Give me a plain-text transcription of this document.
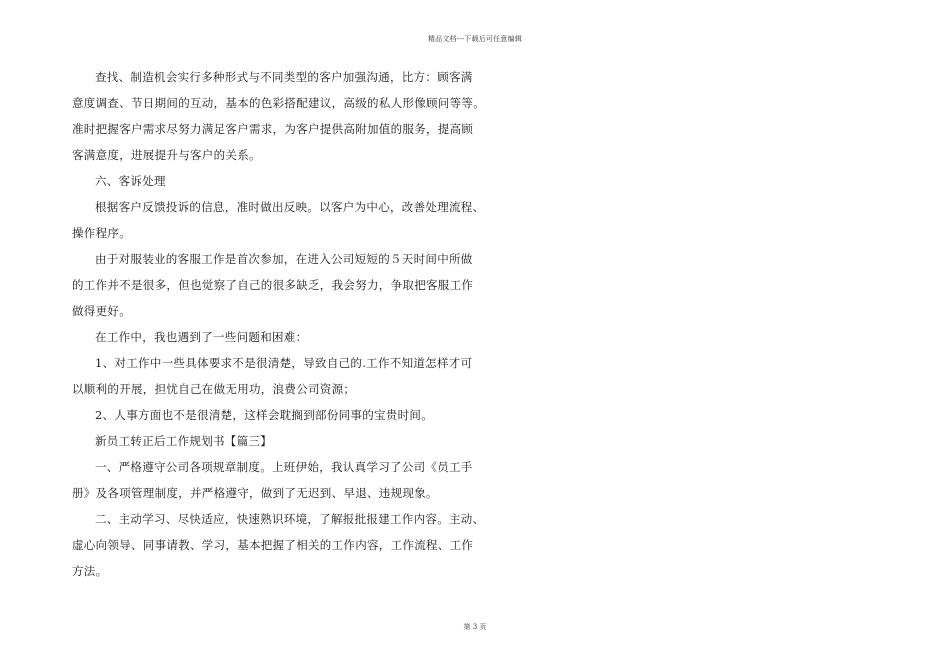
精品文档---下载后可任意编辑
查找、制造机会实行多种形式与不同类型的客户加强沟通，比方：顾客满
意度调查、节日期间的互动，基本的色彩搭配建议，高级的私人形像顾问等等。
准时把握客户需求尽努力满足客户需求，为客户提供高附加值的服务，提高顾
客满意度，进展提升与客户的关系。
六、客诉处理
根据客户反馈投诉的信息，准时做出反映。以客户为中心，改善处理流程、
操作程序。
由于对服装业的客服工作是首次参加，在进入公司短短的５天时间中所做
的工作并不是很多，但也觉察了自己的很多缺乏，我会努力，争取把客服工作
做得更好。
在工作中，我也遇到了一些问题和困难：
1、对工作中一些具体要求不是很清楚，导致自己的.工作不知道怎样才可
以顺利的开展，担忧自己在做无用功，浪费公司资源；
2、人事方面也不是很清楚，这样会耽搁到部份同事的宝贵时间。
新员工转正后工作规划书【篇三】
一、严格遵守公司各项规章制度。上班伊始，我认真学习了公司《员工手
册》及各项管理制度，并严格遵守，做到了无迟到、早退、违规现象。
二、主动学习、尽快适应，快速熟识环境，了解报批报建工作内容。主动、
虚心向领导、同事请教、学习，基本把握了相关的工作内容，工作流程、工作
方法。
第 3 页
